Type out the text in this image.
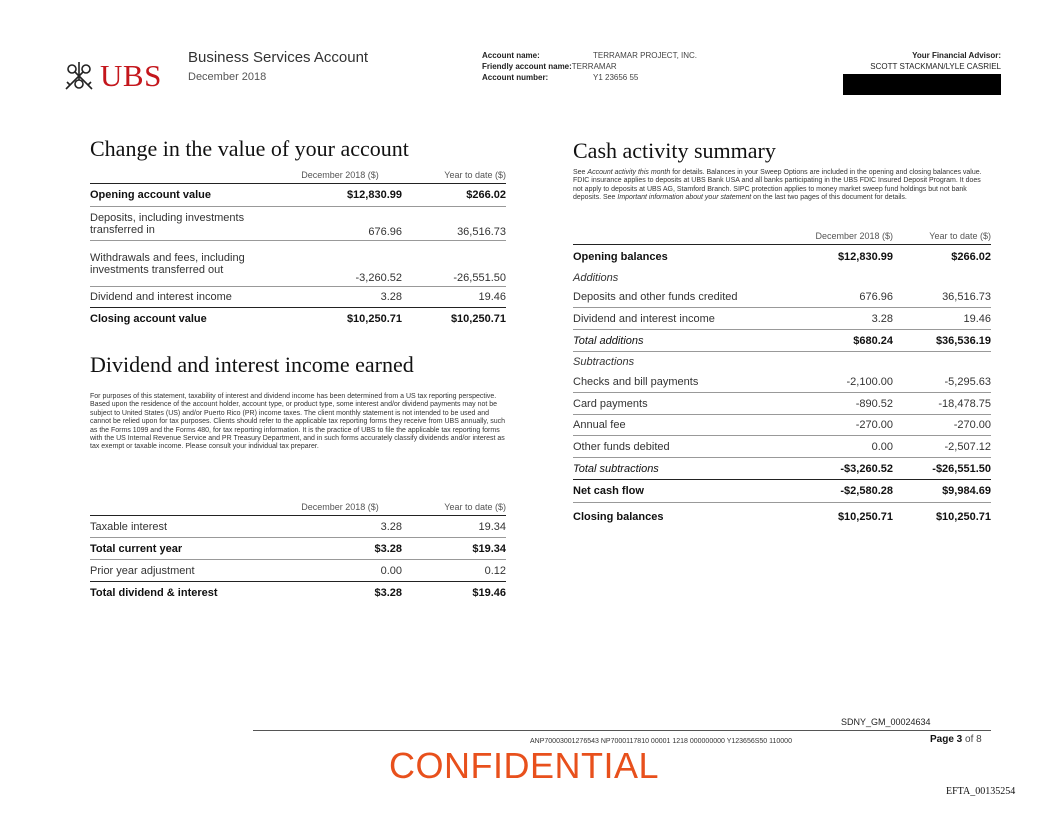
UBS
Business Services Account
December 2018
Account name:	TERRAMAR PROJECT, INC.
Friendly account name: TERRAMAR
Account number:	Y1 23656 55
Your Financial Advisor:
SCOTT STACKMAN/LYLE CASRIEL
Change in the value of your account
	December 2018 ($)	Year to date ($)
Opening account value	$12,830.99	$266.02
Deposits, including investments transferred in	676.96	36,516.73
Withdrawals and fees, including investments transferred out	-3,260.52	-26,551.50
Dividend and interest income	3.28	19.46
Closing account value	$10,250.71	$10,250.71
Dividend and interest income earned
For purposes of this statement, taxability of interest and dividend income has been determined from a US tax reporting perspective. Based upon the residence of the account holder, account type, or product type, some interest and/or dividend payments may not be subject to United States (US) and/or Puerto Rico (PR) income taxes. The client monthly statement is not intended to be used and cannot be relied upon for tax purposes. Clients should refer to the applicable tax reporting forms they receive from UBS annually, such as the Forms 1099 and the Forms 480, for tax reporting information. It is the practice of UBS to file the applicable tax reporting forms with the US Internal Revenue Service and PR Treasury Department, and in such forms accurately classify dividends and/or interest as tax exempt or taxable income. Please consult your individual tax preparer.
	December 2018 ($)	Year to date ($)
Taxable interest	3.28	19.34
Total current year	$3.28	$19.34
Prior year adjustment	0.00	0.12
Total dividend & interest	$3.28	$19.46
Cash activity summary
See Account activity this month for details. Balances in your Sweep Options are included in the opening and closing balances value. FDIC insurance applies to deposits at UBS Bank USA and all banks participating in the UBS FDIC Insured Deposit Program. It does not apply to deposits at UBS AG, Stamford Branch. SIPC protection applies to money market sweep fund holdings but not bank deposits. See Important information about your statement on the last two pages of this document for details.
	December 2018 ($)	Year to date ($)
Opening balances	$12,830.99	$266.02
Additions		
Deposits and other funds credited	676.96	36,516.73
Dividend and interest income	3.28	19.46
Total additions	$680.24	$36,536.19
Subtractions		
Checks and bill payments	-2,100.00	-5,295.63
Card payments	-890.52	-18,478.75
Annual fee	-270.00	-270.00
Other funds debited	0.00	-2,507.12
Total subtractions	-$3,260.52	-$26,551.50
Net cash flow	-$2,580.28	$9,984.69
Closing balances	$10,250.71	$10,250.71
SDNY_GM_00024634
ANP70003001276543 NP7000117810 00001 1218 000000000 Y123656S50 110000	Page 3 of 8
CONFIDENTIAL
EFTA_00135254
